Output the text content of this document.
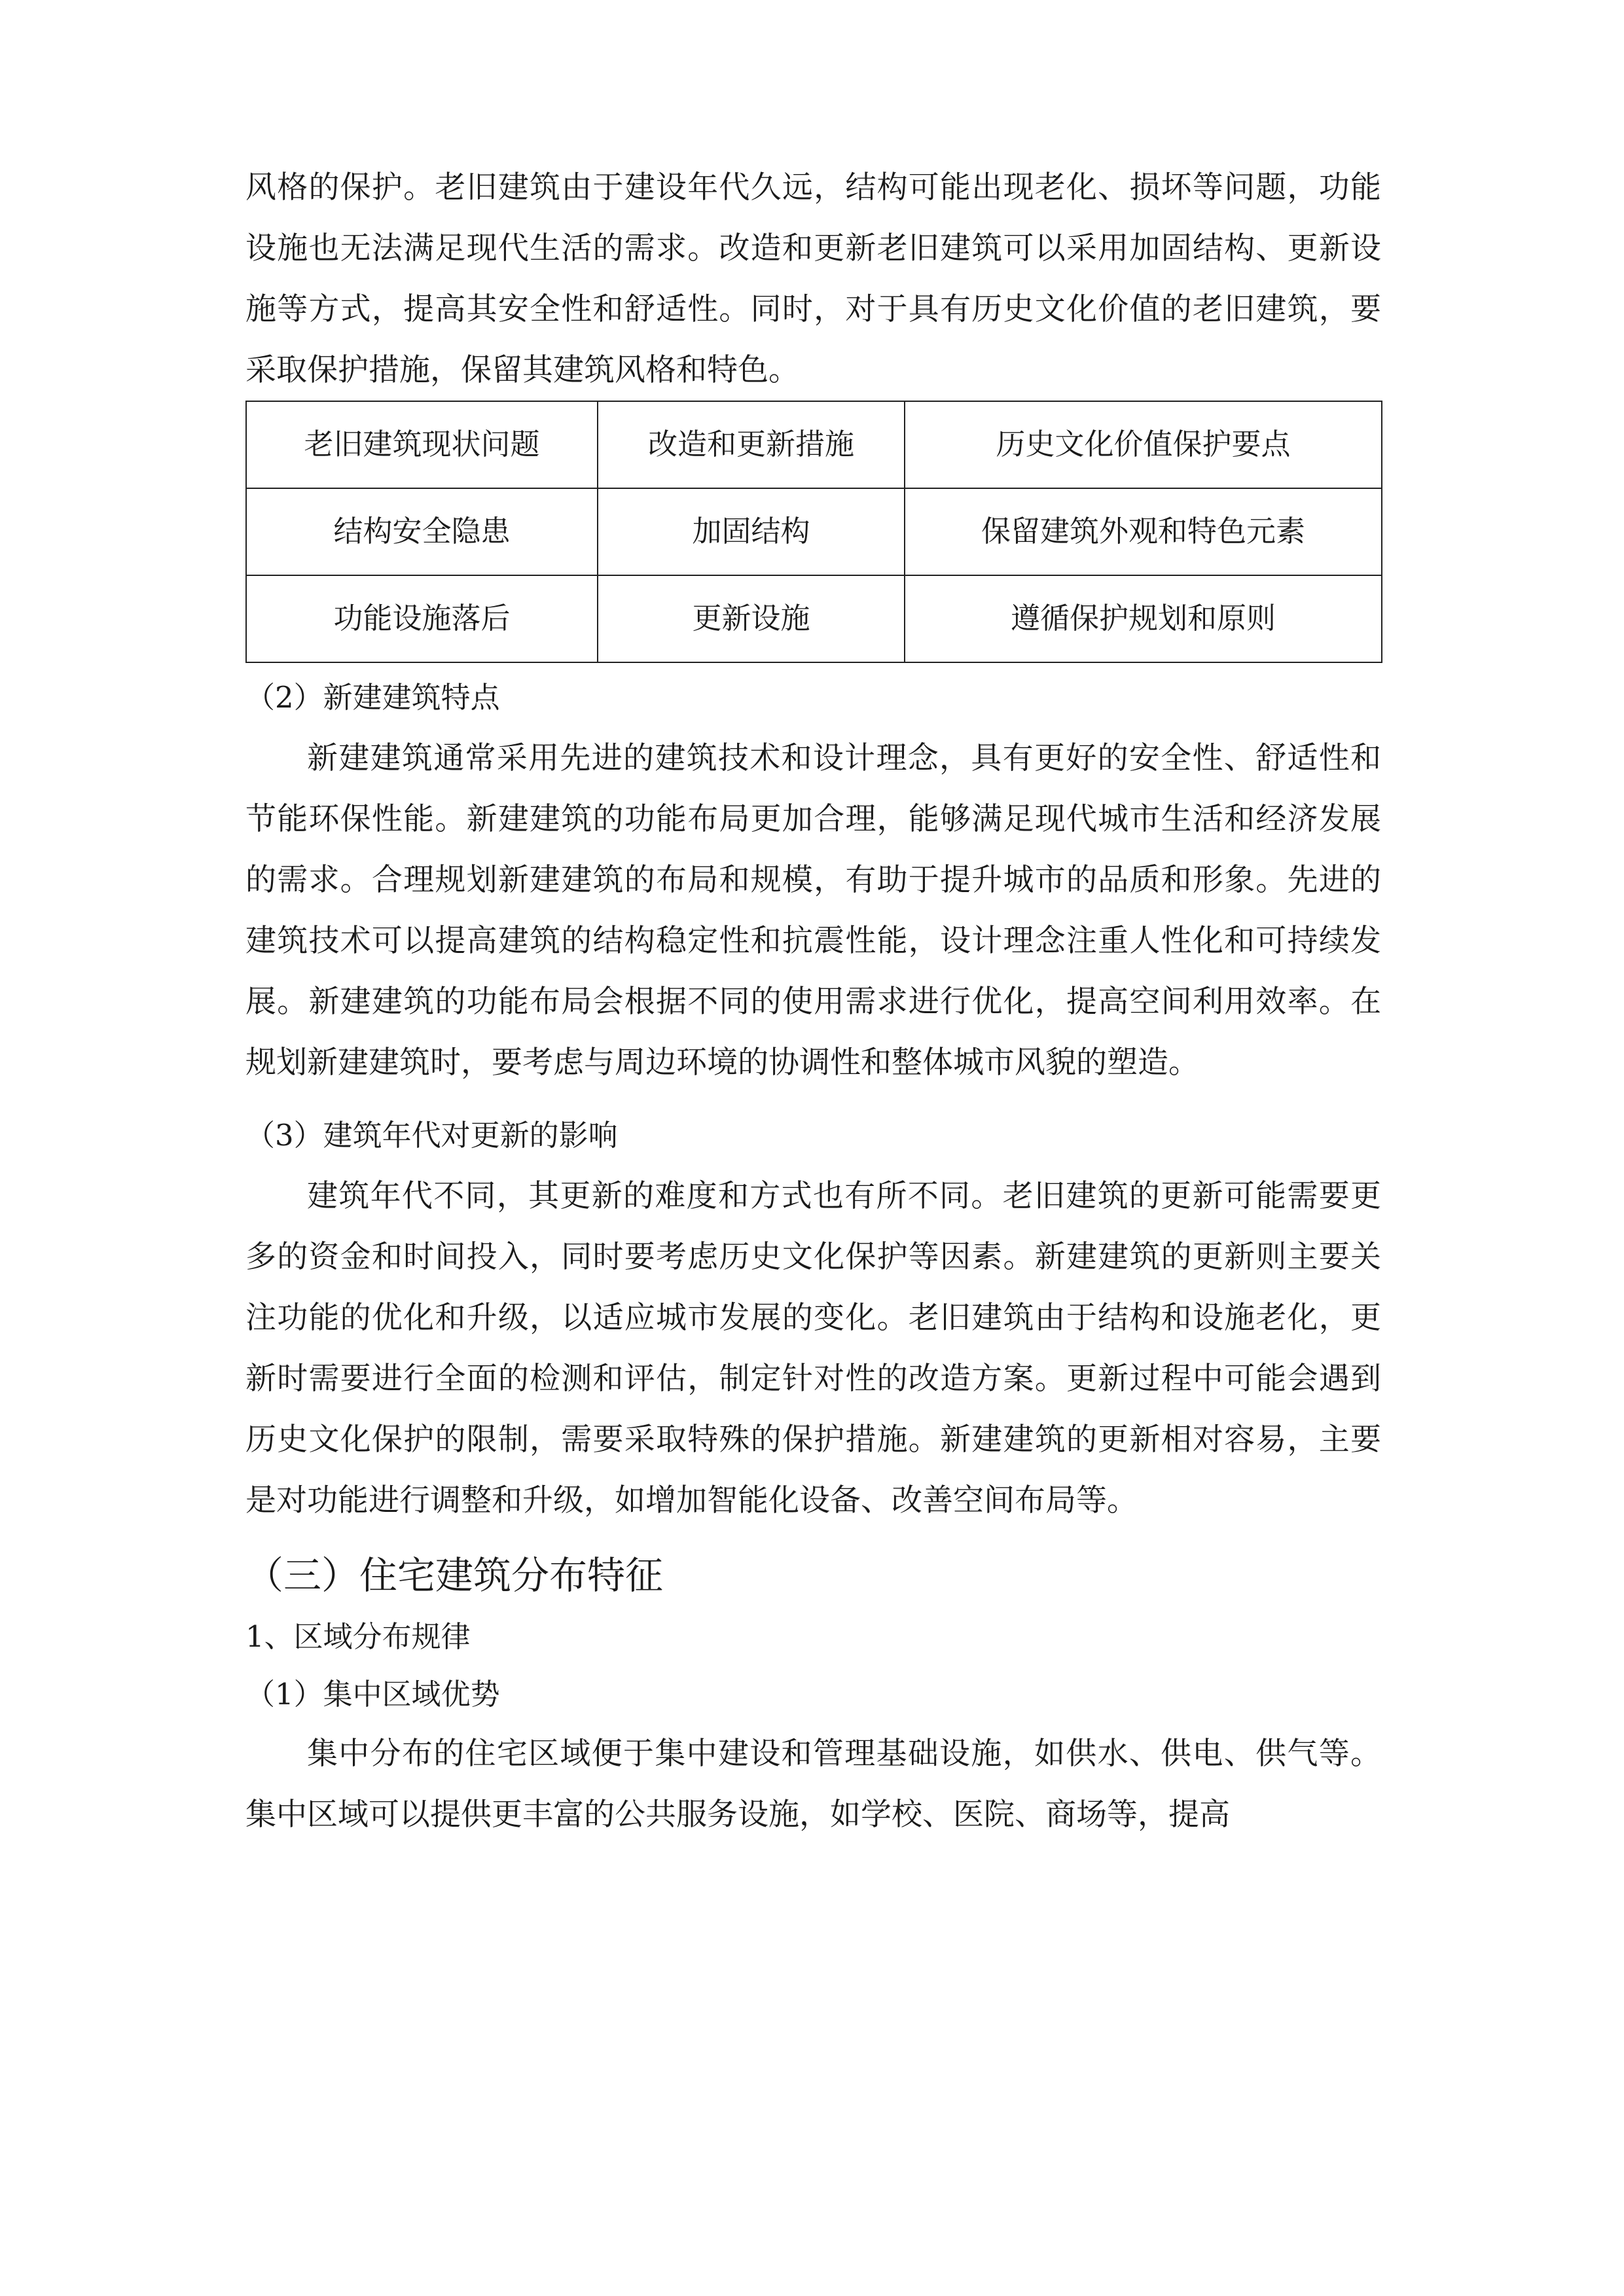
风格的保护。老旧建筑由于建设年代久远，结构可能出现老化、损坏等问题，功能设施也无法满足现代生活的需求。改造和更新老旧建筑可以采用加固结构、更新设施等方式，提高其安全性和舒适性。同时，对于具有历史文化价值的老旧建筑，要采取保护措施，保留其建筑风格和特色。

老旧建筑现状问题	改造和更新措施	历史文化价值保护要点
结构安全隐患	加固结构	保留建筑外观和特色元素
功能设施落后	更新设施	遵循保护规划和原则

（2）新建建筑特点

新建建筑通常采用先进的建筑技术和设计理念，具有更好的安全性、舒适性和节能环保性能。新建建筑的功能布局更加合理，能够满足现代城市生活和经济发展的需求。合理规划新建建筑的布局和规模，有助于提升城市的品质和形象。先进的建筑技术可以提高建筑的结构稳定性和抗震性能，设计理念注重人性化和可持续发展。新建建筑的功能布局会根据不同的使用需求进行优化，提高空间利用效率。在规划新建建筑时，要考虑与周边环境的协调性和整体城市风貌的塑造。

（3）建筑年代对更新的影响

建筑年代不同，其更新的难度和方式也有所不同。老旧建筑的更新可能需要更多的资金和时间投入，同时要考虑历史文化保护等因素。新建建筑的更新则主要关注功能的优化和升级，以适应城市发展的变化。老旧建筑由于结构和设施老化，更新时需要进行全面的检测和评估，制定针对性的改造方案。更新过程中可能会遇到历史文化保护的限制，需要采取特殊的保护措施。新建建筑的更新相对容易，主要是对功能进行调整和升级，如增加智能化设备、改善空间布局等。

（三）住宅建筑分布特征

1、区域分布规律

（1）集中区域优势

集中分布的住宅区域便于集中建设和管理基础设施，如供水、供电、供气等。集中区域可以提供更丰富的公共服务设施，如学校、医院、商场等，提高
